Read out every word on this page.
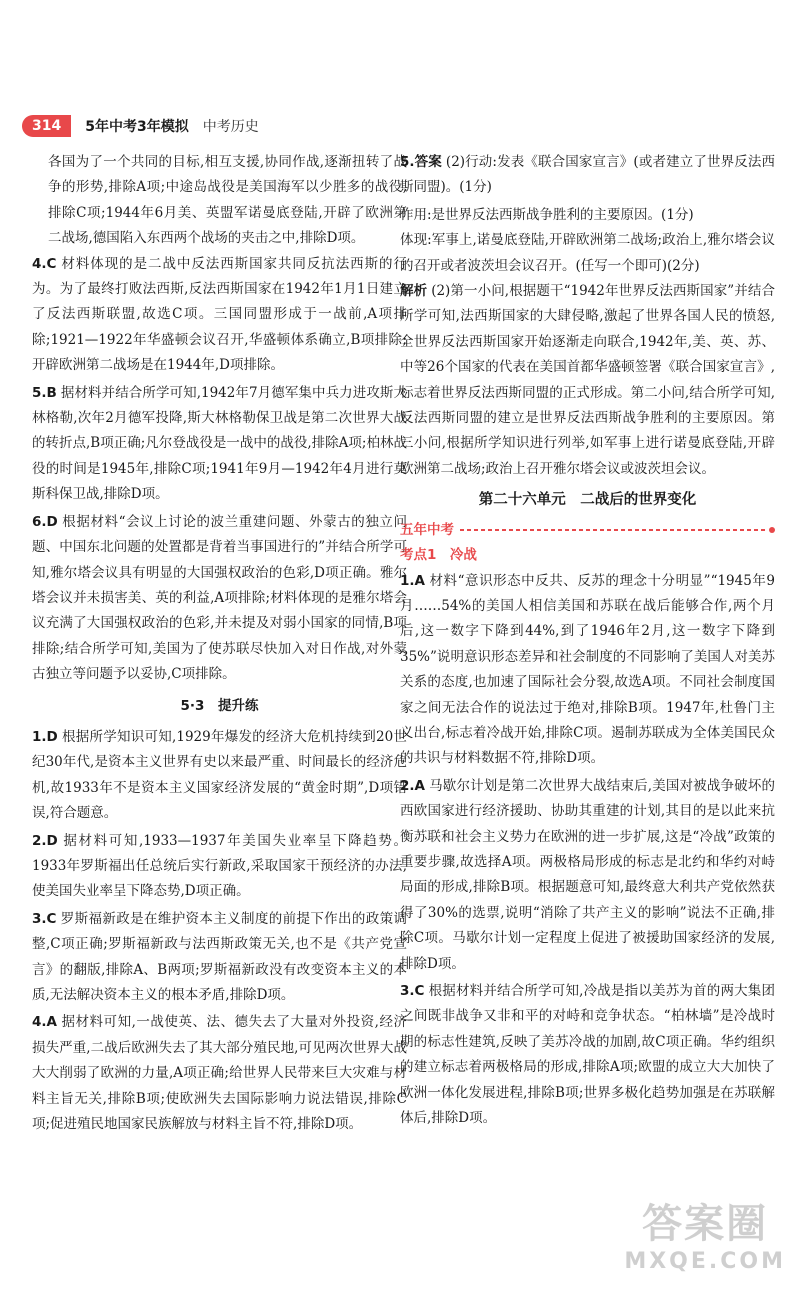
314	5年中考3年模拟 中考历史

各国为了一个共同的目标,相互支援,协同作战,逐渐扭转了战争的形势,排除A项;中途岛战役是美国海军以少胜多的战役,排除C项;1944年6月美、英盟军诺曼底登陆,开辟了欧洲第二战场,德国陷入东西两个战场的夹击之中,排除D项。

4.C 材料体现的是二战中反法西斯国家共同反抗法西斯的行为。为了最终打败法西斯,反法西斯国家在1942年1月1日建立了反法西斯联盟,故选C项。三国同盟形成于一战前,A项排除;1921—1922年华盛顿会议召开,华盛顿体系确立,B项排除;开辟欧洲第二战场是在1944年,D项排除。

5.B 据材料并结合所学可知,1942年7月德军集中兵力进攻斯大林格勒,次年2月德军投降,斯大林格勒保卫战是第二次世界大战的转折点,B项正确;凡尔登战役是一战中的战役,排除A项;柏林战役的时间是1945年,排除C项;1941年9月—1942年4月进行莫斯科保卫战,排除D项。

6.D 根据材料“会议上讨论的波兰重建问题、外蒙古的独立问题、中国东北问题的处置都是背着当事国进行的”并结合所学可知,雅尔塔会议具有明显的大国强权政治的色彩,D项正确。雅尔塔会议并未损害美、英的利益,A项排除;材料体现的是雅尔塔会议充满了大国强权政治的色彩,并未提及对弱小国家的同情,B项排除;结合所学可知,美国为了使苏联尽快加入对日作战,对外蒙古独立等问题予以妥协,C项排除。

5·3　提升练

1.D 根据所学知识可知,1929年爆发的经济大危机持续到20世纪30年代,是资本主义世界有史以来最严重、时间最长的经济危机,故1933年不是资本主义国家经济发展的“黄金时期”,D项错误,符合题意。

2.D 据材料可知,1933—1937年美国失业率呈下降趋势。1933年罗斯福出任总统后实行新政,采取国家干预经济的办法,使美国失业率呈下降态势,D项正确。

3.C 罗斯福新政是在维护资本主义制度的前提下作出的政策调整,C项正确;罗斯福新政与法西斯政策无关,也不是《共产党宣言》的翻版,排除A、B两项;罗斯福新政没有改变资本主义的本质,无法解决资本主义的根本矛盾,排除D项。

4.A 据材料可知,一战使英、法、德失去了大量对外投资,经济损失严重,二战后欧洲失去了其大部分殖民地,可见两次世界大战大大削弱了欧洲的力量,A项正确;给世界人民带来巨大灾难与材料主旨无关,排除B项;使欧洲失去国际影响力说法错误,排除C项;促进殖民地国家民族解放与材料主旨不符,排除D项。

5.答案 (2)行动:发表《联合国家宣言》(或者建立了世界反法西斯同盟)。(1分)

作用:是世界反法西斯战争胜利的主要原因。(1分)

体现:军事上,诺曼底登陆,开辟欧洲第二战场;政治上,雅尔塔会议的召开或者波茨坦会议召开。(任写一个即可)(2分)

解析 (2)第一小问,根据题干“1942年世界反法西斯国家”并结合所学可知,法西斯国家的大肆侵略,激起了世界各国人民的愤怒,全世界反法西斯国家开始逐渐走向联合,1942年,美、英、苏、中等26个国家的代表在美国首都华盛顿签署《联合国家宣言》,标志着世界反法西斯同盟的正式形成。第二小问,结合所学可知,反法西斯同盟的建立是世界反法西斯战争胜利的主要原因。第三小问,根据所学知识进行列举,如军事上进行诺曼底登陆,开辟欧洲第二战场;政治上召开雅尔塔会议或波茨坦会议。

第二十六单元　二战后的世界变化
五年中考
考点1　冷战

1.A 材料“意识形态中反共、反苏的理念十分明显”“1945年9月……54%的美国人相信美国和苏联在战后能够合作,两个月后,这一数字下降到44%,到了1946年2月,这一数字下降到35%”说明意识形态差异和社会制度的不同影响了美国人对美苏关系的态度,也加速了国际社会分裂,故选A项。不同社会制度国家之间无法合作的说法过于绝对,排除B项。1947年,杜鲁门主义出台,标志着冷战开始,排除C项。遏制苏联成为全体美国民众的共识与材料数据不符,排除D项。

2.A 马歇尔计划是第二次世界大战结束后,美国对被战争破坏的西欧国家进行经济援助、协助其重建的计划,其目的是以此来抗衡苏联和社会主义势力在欧洲的进一步扩展,这是“冷战”政策的重要步骤,故选择A项。两极格局形成的标志是北约和华约对峙局面的形成,排除B项。根据题意可知,最终意大利共产党依然获得了30%的选票,说明“消除了共产主义的影响”说法不正确,排除C项。马歇尔计划一定程度上促进了被援助国家经济的发展,排除D项。

3.C 根据材料并结合所学可知,冷战是指以美苏为首的两大集团之间既非战争又非和平的对峙和竞争状态。“柏林墙”是冷战时期的标志性建筑,反映了美苏冷战的加剧,故C项正确。华约组织的建立标志着两极格局的形成,排除A项;欧盟的成立大大加快了欧洲一体化发展进程,排除B项;世界多极化趋势加强是在苏联解体后,排除D项。

答案圈
MXQE.COM
